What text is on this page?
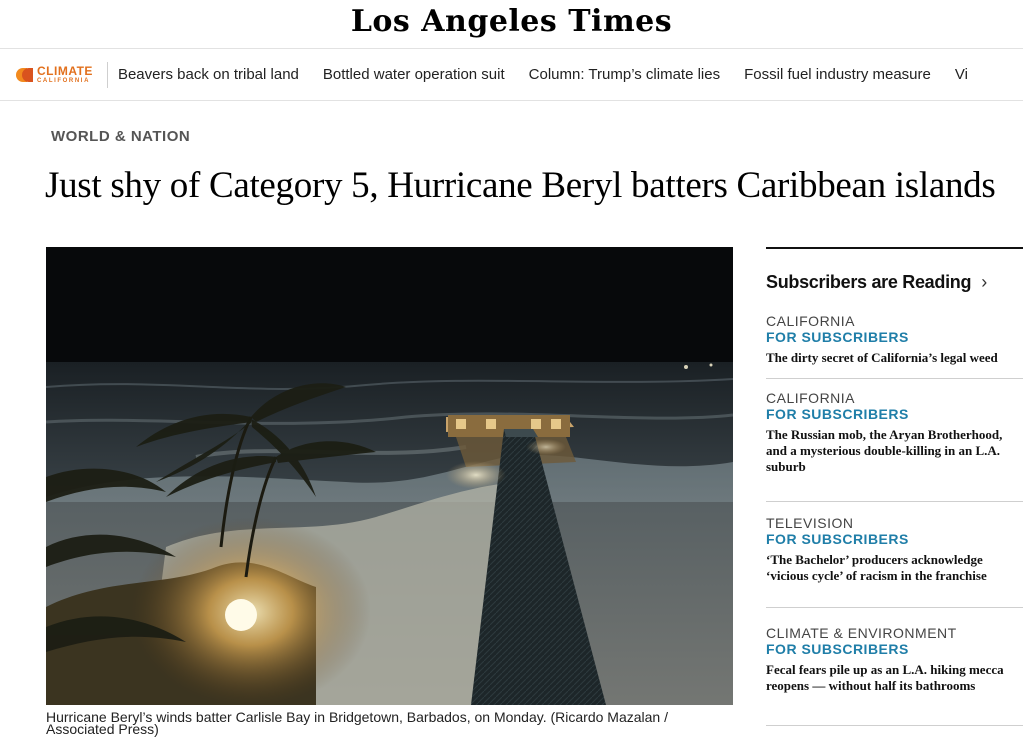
Los Angeles Times
CLIMATE
CALIFORNIA Beavers back on tribal land Bottled water operation suit Column: Trump’s climate lies Fossil fuel industry measure Vi
WORLD & NATION
Just shy of Category 5, Hurricane Beryl batters Caribbean islands
Hurricane Beryl’s winds batter Carlisle Bay in Bridgetown, Barbados, on Monday. (Ricardo Mazalan / Associated Press)
Subscribers are Reading ›
CALIFORNIA
FOR SUBSCRIBERS
The dirty secret of California’s legal weed
CALIFORNIA
FOR SUBSCRIBERS
The Russian mob, the Aryan Brotherhood, and a mysterious double-killing in an L.A. suburb
TELEVISION
FOR SUBSCRIBERS
‘The Bachelor’ producers acknowledge ‘vicious cycle’ of racism in the franchise
CLIMATE & ENVIRONMENT
FOR SUBSCRIBERS
Fecal fears pile up as an L.A. hiking mecca reopens — without half its bathrooms
